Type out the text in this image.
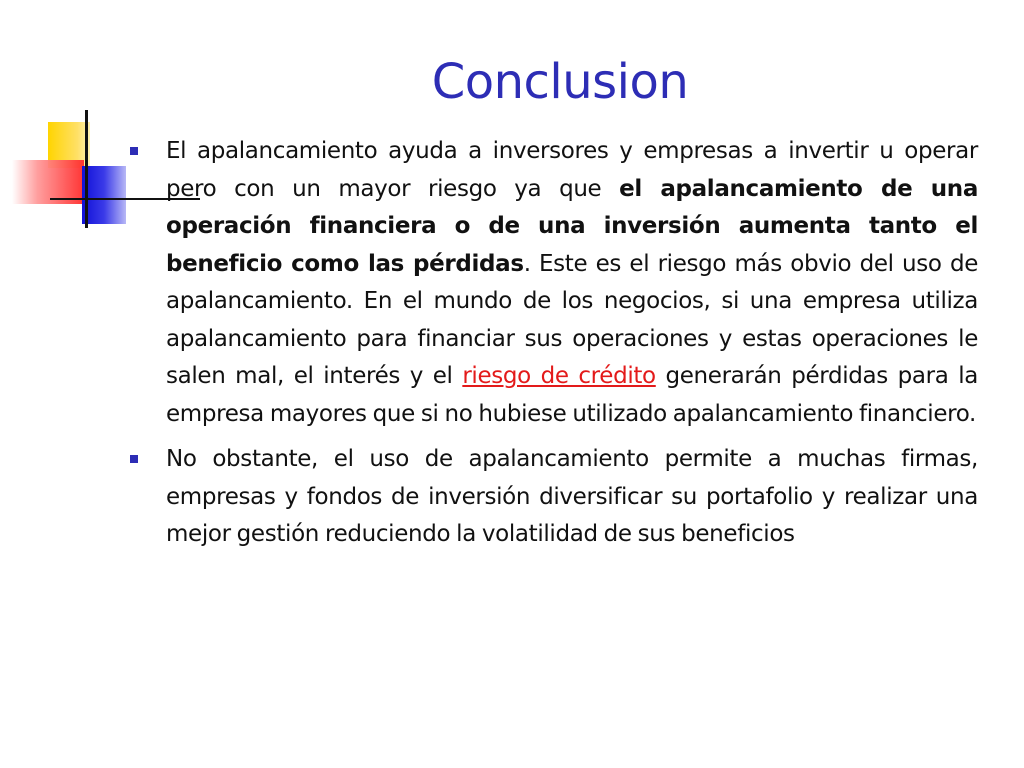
Conclusion

El apalancamiento ayuda a inversores y empresas a invertir u operar pero con un mayor riesgo ya que el apalancamiento de una operación financiera o de una inversión aumenta tanto el beneficio como las pérdidas. Este es el riesgo más obvio del uso de apalancamiento. En el mundo de los negocios, si una empresa utiliza apalancamiento para financiar sus operaciones y estas operaciones le salen mal, el interés y el riesgo de crédito generarán pérdidas para la empresa mayores que si no hubiese utilizado apalancamiento financiero.

No obstante, el uso de apalancamiento permite a muchas firmas, empresas y fondos de inversión diversificar su portafolio y realizar una mejor gestión reduciendo la volatilidad de sus beneficios
